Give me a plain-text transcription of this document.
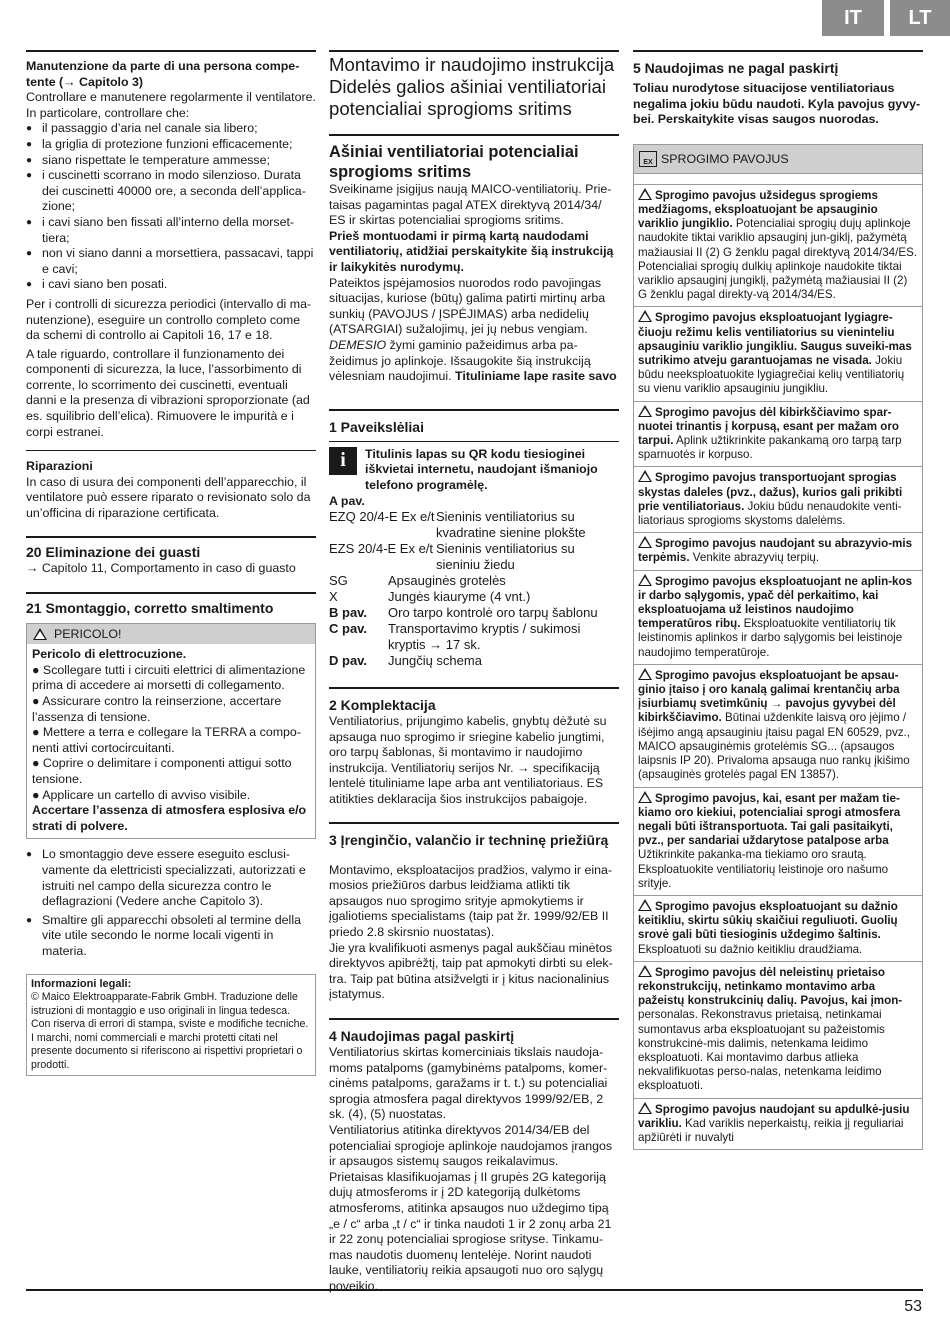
IT	LT

Manutenzione da parte di una persona compe-tente (→ Capitolo 3)

Controllare e manutenere regolarmente il ventilatore. In particolare, controllare che:

● il passaggio d’aria nel canale sia libero;
● la griglia di protezione funzioni efficacemente;
● siano rispettate le temperature ammesse;
● i cuscinetti scorrano in modo silenzioso. Durata dei cuscinetti 40000 ore, a seconda dell’applica-zione;
● i cavi siano ben fissati all’interno della morset-tiera;
● non vi siano danni a morsettiera, passacavi, tappi e cavi;
● i cavi siano ben posati.

Per i controlli di sicurezza periodici (intervallo di ma-nutenzione), eseguire un controllo completo come da schemi di controllo ai Capitoli 16, 17 e 18.

A tale riguardo, controllare il funzionamento dei componenti di sicurezza, la luce, l’assorbimento di corrente, lo scorrimento dei cuscinetti, eventuali danni e la presenza di vibrazioni sproporzionate (ad es. squilibrio dell’elica). Rimuovere le impurità e i corpi estranei.

Riparazioni

In caso di usura dei componenti dell’apparecchio, il ventilatore può essere riparato o revisionato solo da un’officina di riparazione certificata.

20 Eliminazione dei guasti

→ Capitolo 11, Comportamento in caso di guasto

21 Smontaggio, corretto smaltimento

PERICOLO!

Pericolo di elettrocuzione.

● Scollegare tutti i circuiti elettrici di alimentazione prima di accedere ai morsetti di collegamento.

● Assicurare contro la reinserzione, accertare l’assenza di tensione.

● Mettere a terra e collegare la TERRA a compo-nenti attivi cortocircuitanti.

● Coprire o delimitare i componenti attigui sotto tensione.

● Applicare un cartello di avviso visibile.

Accertare l’assenza di atmosfera esplosiva e/o strati di polvere.

● Lo smontaggio deve essere eseguito esclusi-vamente da elettricisti specializzati, autorizzati e istruiti nel campo della sicurezza contro le deflagrazioni (Vedere anche Capitolo 3).
● Smaltire gli apparecchi obsoleti al termine della vite utile secondo le norme locali vigenti in materia.

Informazioni legali:

© Maico Elektroapparate-Fabrik GmbH. Traduzione delle istruzioni di montaggio e uso originali in lingua tedesca. Con riserva di errori di stampa, sviste e modifiche tecniche. I marchi, nomi commerciali e marchi protetti citati nel presente documento si riferiscono ai rispettivi proprietari o prodotti.

Montavimo ir naudojimo instrukcija Didelės galios ašiniai ventiliatoriai potencialiai sprogioms sritims

Ašiniai ventiliatoriai potencialiai sprogioms sritims

Sveikiname įsigijus naują MAICO-ventiliatorių. Prie-taisas pagamintas pagal ATEX direktyvą 2014/34/ ES ir skirtas potencialiai sprogioms sritims.

Prieš montuodami ir pirmą kartą naudodami ventiliatorių, atidžiai perskaitykite šią instrukciją ir laikykitės nurodymų.

Pateiktos įspėjamosios nuorodos rodo pavojingas situacijas, kuriose (būtų) galima patirti mirtinų arba sunkių (PAVOJUS / ĮSPĖJIMAS) arba nedidelių (ATSARGIAI) sužalojimų, jei jų nebus vengiam.

DEMESIO žymi gaminio pažeidimus arba pa-žeidimus jo aplinkoje. Išsaugokite šią instrukciją vėlesniam naudojimui. Tituliniame lape rasite savo

1 Paveikslėliai

i	Titulinis lapas su QR kodu tiesioginei iškvietai internetu, naudojant išmaniojo telefono programėlę.

A pav.

EZQ 20/4-E Ex e/t Sieninis ventiliatorius su kvadratine sienine plokšte
EZS 20/4-E Ex e/t Sieninis ventiliatorius su sieniniu žiedu
SG	Apsauginės grotelės
X	Jungės kiauryme (4 vnt.)
B pav.	Oro tarpo kontrolė oro tarpų šablonu
C pav.	Transportavimo kryptis / sukimosi kryptis → 17 sk.
D pav.	Jungčių schema

2 Komplektacija

Ventiliatorius, prijungimo kabelis, gnybtų dėžutė su apsauga nuo sprogimo ir sriegine kabelio jungtimi, oro tarpų šablonas, ši montavimo ir naudojimo instrukcija. Ventiliatorių serijos Nr. → specifikaciją lentelė tituliniame lape arba ant ventiliatoriaus. ES atitikties deklaracija šios instrukcijos pabaigoje.

3 Įrenginčio, valančio ir techninę priežiūrą

Montavimo, eksploatacijos pradžios, valymo ir eina-mosios priežiūros darbus leidžiama atlikti tik apsaugos nuo sprogimo srityje apmokytiems ir įgaliotiems specialistams (taip pat žr. 1999/92/EB II priedo 2.8 skirsnio nuostatas).

Jie yra kvalifikuoti asmenys pagal aukščiau minėtos direktyvos apibrėžtį, taip pat apmokyti dirbti su elek-tra. Taip pat būtina atsižvelgti ir į kitus nacionalinius įstatymus.

4 Naudojimas pagal paskirtį

Ventiliatorius skirtas komerciniais tikslais naudoja-moms patalpoms (gamybinėms patalpoms, komer-cinėms patalpoms, garažams ir t. t.) su potencialiai sprogia atmosfera pagal direktyvos 1999/92/EB, 2 sk. (4), (5) nuostatas.

Ventiliatorius atitinka direktyvos 2014/34/EB del potencialiai sprogioje aplinkoje naudojamos įrangos ir apsaugos sistemų saugos reikalavimus.

Prietaisas klasifikuojamas į II grupės 2G kategoriją dujų atmosferoms ir į 2D kategoriją dulkėtoms atmosferoms, atitinka apsaugos nuo uždegimo tipą „e / c“ arba „t / c“ ir tinka naudoti 1 ir 2 zonų arba 21 ir 22 zonų potencialiai sprogiose srityse. Tinkamu-mas naudotis duomenų lentelėje. Norint naudoti lauke, ventiliatorių reikia apsaugoti nuo oro sąlygų poveikio.

5 Naudojimas ne pagal paskirtį

Toliau nurodytose situacijose ventiliatoriaus negalima jokiu būdu naudoti. Kyla pavojus gyvy-bei. Perskaitykite visas saugos nuorodas.

EX SPROGIMO PAVOJUS
Sprogimo pavojus užsidegus sprogiems medžiagoms, eksploatuojant be apsauginio variklio jungiklio. Potencialiai sprogių dujų aplinkoje naudokite tiktai variklio apsauginį jun-giklį, pažymėtą mažiausiai II (2) G ženklu pagal direktyvą 2014/34/ES. Potencialiai sprogių dulkių aplinkoje naudokite tiktai variklio apsauginį jungiklį, pažymėtą mažiausiai II (2) G ženklu pagal direkty-vą 2014/34/ES.
Sprogimo pavojus eksploatuojant lygiagre-čiuoju režimu kelis ventiliatorius su vieninteliu apsauginiu variklio jungikliu. Saugus suveiki-mas sutrikimo atveju garantuojamas ne visada. Jokiu būdu neeksploatuokite lygiagrečiai kelių ventiliatorių su vienu variklio apsauginiu jungikliu.
Sprogimo pavojus dėl kibirkščiavimo spar-nuotei trinantis į korpusą, esant per mažam oro tarpui. Aplink užtikrinkite pakankamą oro tarpą tarp sparnuotės ir korpuso.
Sprogimo pavojus transportuojant sprogias skystas daleles (pvz., dažus), kurios gali prikibti prie ventiliatoriaus. Jokiu būdu nenaudokite venti-liatoriaus sprogioms skystoms dalelėms.
Sprogimo pavojus naudojant su abrazyvio-mis terpėmis. Venkite abrazyvių terpių.
Sprogimo pavojus eksploatuojant ne aplin-kos ir darbo sąlygomis, ypač dėl perkaitimo, kai eksploatuojama už leistinos naudojimo temperatūros ribų. Eksploatuokite ventiliatorių tik leistinomis aplinkos ir darbo sąlygomis bei leistinoje naudojimo temperatūroje.
Sprogimo pavojus eksploatuojant be apsau-ginio įtaiso į oro kanalą galimai krentančių arba įsiurbiamų svetimkūnių → pavojus gyvybei dėl kibirkščiavimo. Būtinai uždenkite laisvą oro įėjimo / išėjimo angą apsauginiu įtaisu pagal EN 60529, pvz., MAICO apsauginėmis grotelėmis SG... (apsaugos laipsnis IP 20). Privaloma apsauga nuo rankų įkišimo (apsauginės grotelės pagal EN 13857).
Sprogimo pavojus, kai, esant per mažam tie-kiamo oro kiekiui, potencialiai sprogi atmosfera negali būti ištransportuota. Tai gali pasitaikyti, pvz., per sandariai uždarytose patalpose arba Užtikrinkite pakanka-ma tiekiamo oro srautą. Eksploatuokite ventiliatorių leistinoje oro našumo srityje.
Sprogimo pavojus eksploatuojant su dažnio keitikliu, skirtu sūkių skaičiui reguliuoti. Guolių srovė gali būti tiesioginis uždegimo šaltinis. Eksploatuoti su dažnio keitikliu draudžiama.
Sprogimo pavojus dėl neleistinų prietaiso rekonstrukcijų, netinkamo montavimo arba pažeistų konstrukcinių dalių. Pavojus, kai įmon- personalas. Rekonstravus prietaisą, netinkamai sumontavus arba eksploatuojant su pažeistomis konstrukcinė-mis dalimis, netenkama leidimo eksploatuoti. Kai montavimo darbus atlieka nekvalifikuotas perso-nalas, netenkama leidimo eksploatuoti.
Sprogimo pavojus naudojant su apdulkė-jusiu varikliu. Kad variklis neperkaistų, reikia jį reguliariai apžiūrėti ir nuvalyti
53
